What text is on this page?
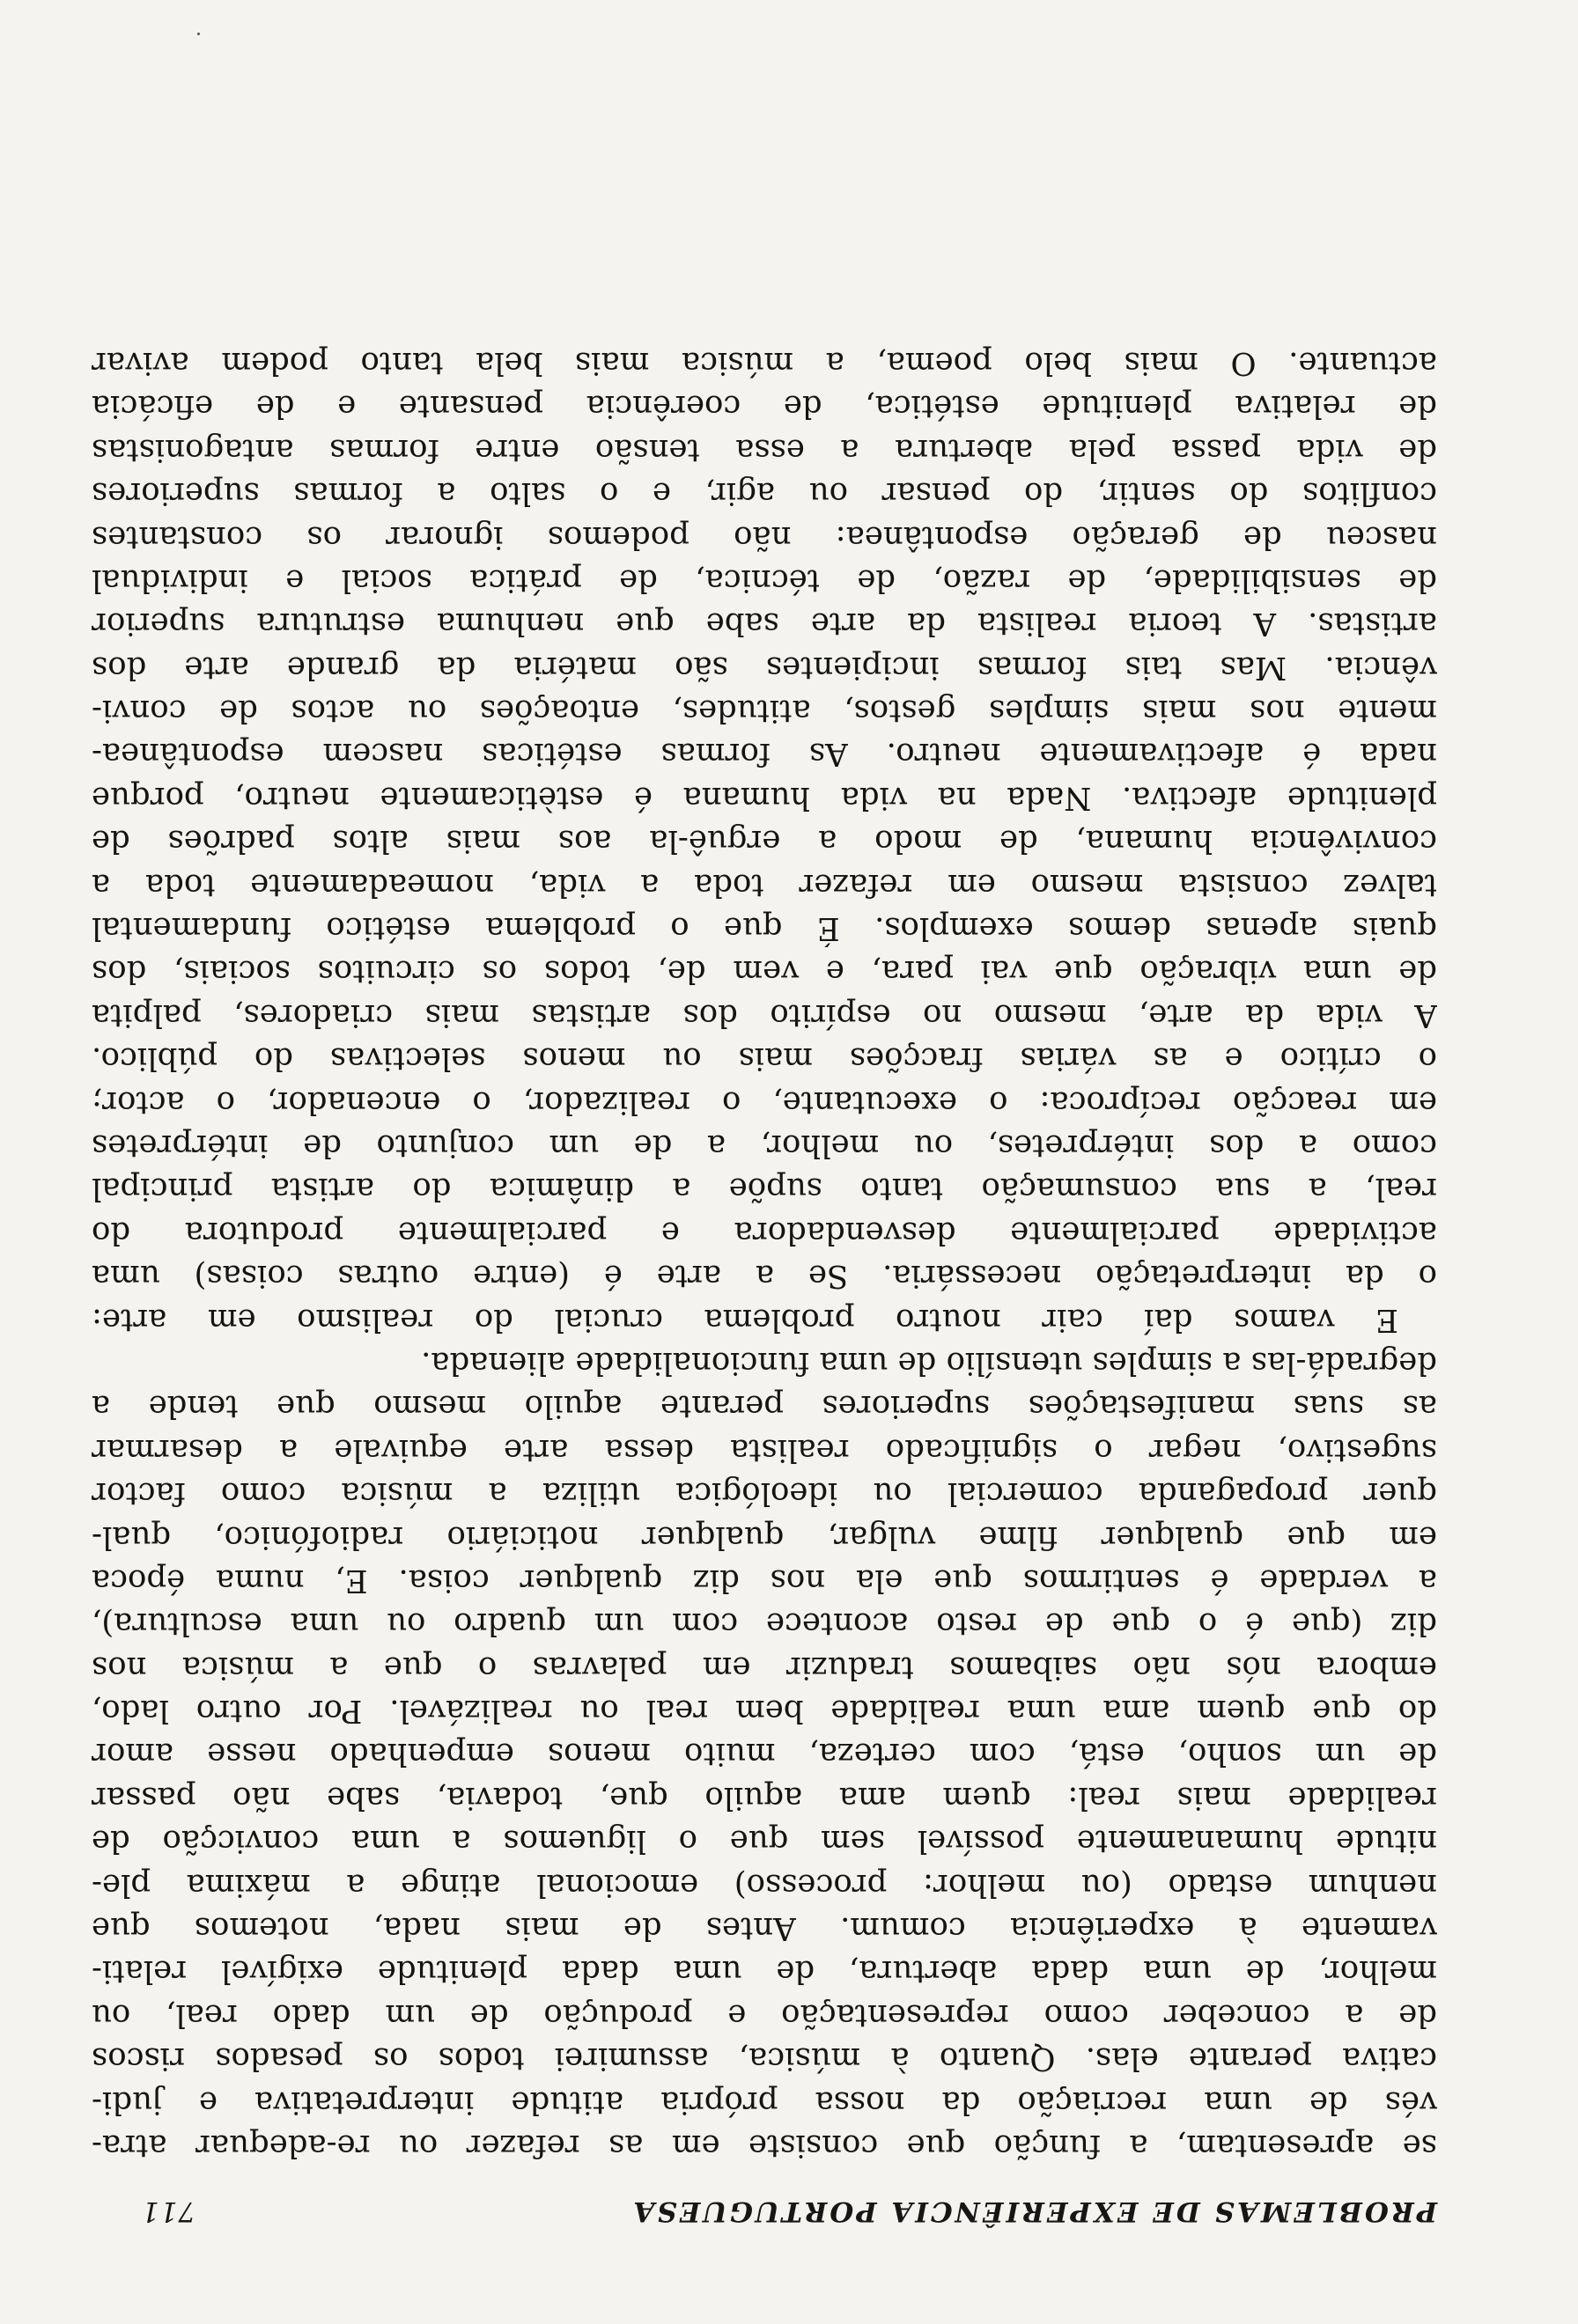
PROBLEMAS DE EXPERIÊNCIA PORTUGUESA
711
se apresentam, a função que consiste em as refazer ou re-adequar atra-
vés de uma recriação da nossa própria atitude interpretativa e judi-
cativa perante elas. Quanto à música, assumirei todos os pesados riscos
de a conceber como representação e produção de um dado real, ou
melhor, de uma dada abertura, de uma dada plenitude exigível relati-
vamente à experiência comum. Antes de mais nada, notemos que
nenhum estado (ou melhor: processo) emocional atinge a máxima ple-
nitude humanamente possível sem que o liguemos a uma convicção de
realidade mais real: quem ama aquilo que, todavia, sabe não passar
de um sonho, está, com certeza, muito menos empenhado nesse amor
do que quem ama uma realidade bem real ou realizável. Por outro lado,
embora nós não saibamos traduzir em palavras o que a música nos
diz (que é o que de resto acontece com um quadro ou uma escultura),
a verdade é sentirmos que ela nos diz qualquer coisa. E, numa época
em que qualquer filme vulgar, qualquer noticiário radiofónico, qual-
quer propaganda comercial ou ideológica utiliza a música como factor
sugestivo, negar o significado realista dessa arte equivale a desarmar
as suas manifestações superiores perante aquilo mesmo que tende a
degradá-las a simples utensílio de uma funcionalidade alienada.
E vamos daí cair noutro problema crucial do realismo em arte:
o da interpretação necessária. Se a arte é (entre outras coisas) uma
actividade parcialmente desvendadora e parcialmente produtora do
real, a sua consumação tanto supõe a dinâmica do artista principal
como a dos intérpretes, ou melhor, a de um conjunto de intérpretes
em reacção recíproca: o executante, o realizador, o encenador, o actor;
o crítico e as várias fracções mais ou menos selectivas do público.
A vida da arte, mesmo no espírito dos artistas mais criadores, palpita
de uma vibração que vai para, e vem de, todos os circuitos sociais, dos
quais apenas demos exemplos. É que o problema estético fundamental
talvez consista mesmo em refazer toda a vida, nomeadamente toda a
convivência humana, de modo a erguê-la aos mais altos padrões de
plenitude afectiva. Nada na vida humana é estèticamente neutro, porque
nada é afectivamente neutro. As formas estéticas nascem espontânea-
mente nos mais simples gestos, atitudes, entoações ou actos de convi-
vência. Mas tais formas incipientes são matéria da grande arte dos
artistas. A teoria realista da arte sabe que nenhuma estrutura superior
de sensibilidade, de razão, de técnica, de prática social e individual
nasceu de geração espontânea: não podemos ignorar os constantes
conflitos do sentir, do pensar ou agir, e o salto a formas superiores
de vida passa pela abertura a essa tensão entre formas antagonistas
de relativa plenitude estética, de coerência pensante e de eficácia
actuante. O mais belo poema, a música mais bela tanto podem avivar
